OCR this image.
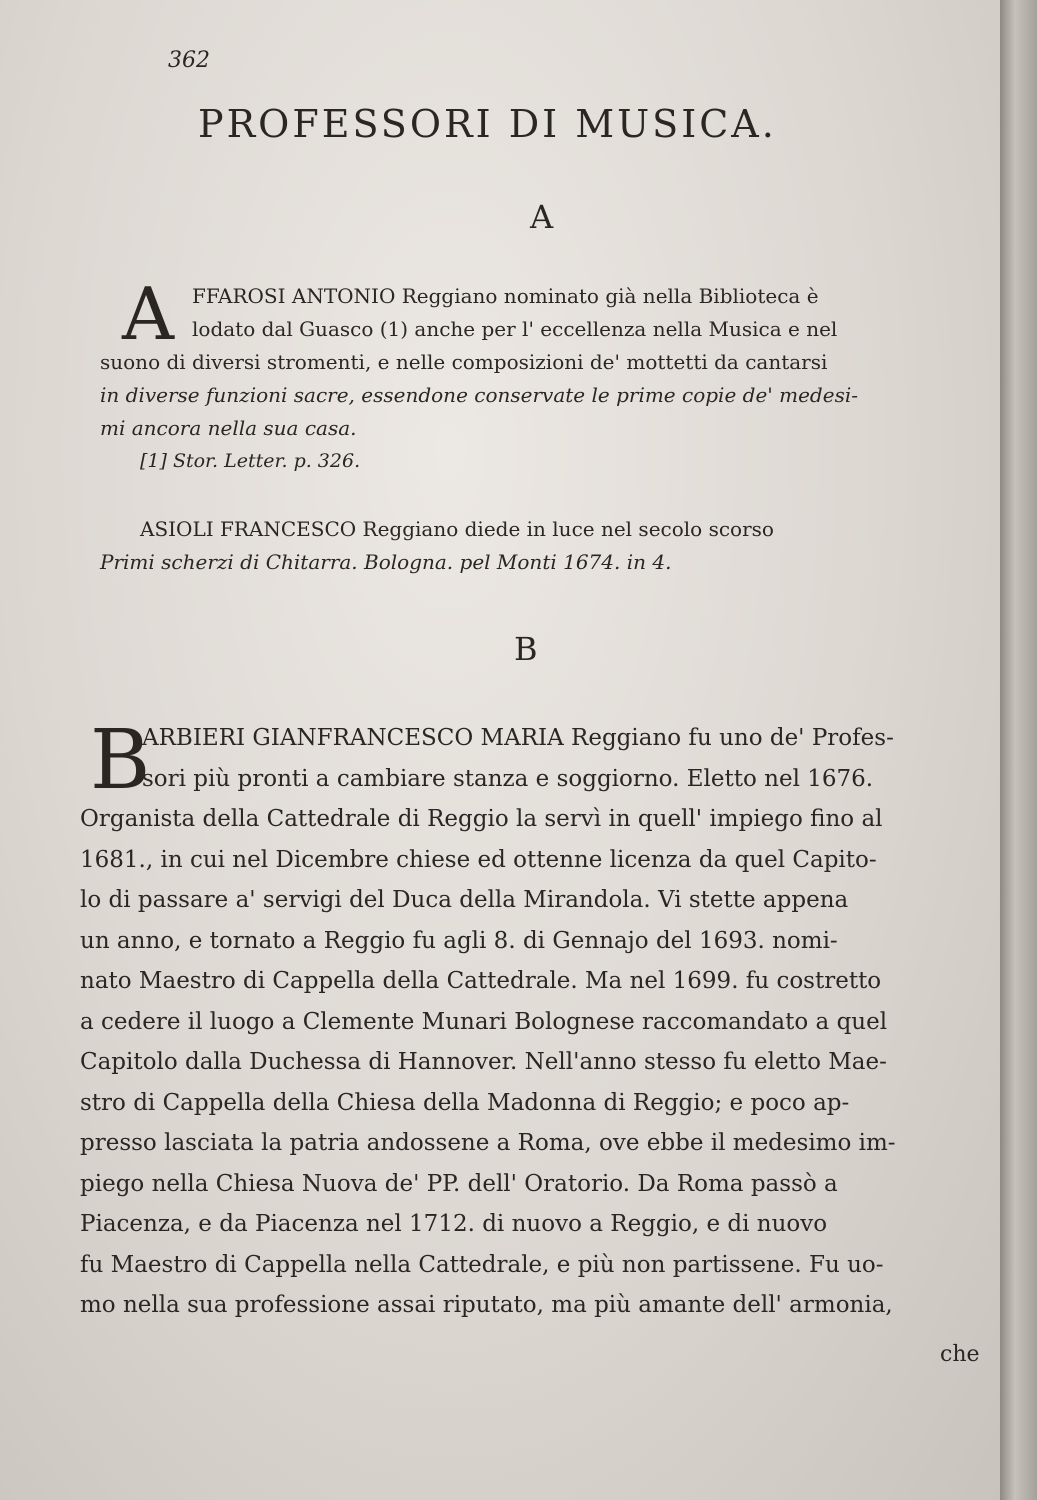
362
PROFESSORI DI MUSICA.
A
A FFAROSI ANTONIO Reggiano nominato già nella Biblioteca è
lodato dal Guasco (1) anche per l' eccellenza nella Musica e nel
suono di diversi stromenti, e nelle composizioni de' mottetti da cantarsi
in diverse funzioni sacre, essendone conservate le prime copie de' medesi-
mi ancora nella sua casa.
[1] Stor. Letter. p. 326.
ASIOLI FRANCESCO Reggiano diede in luce nel secolo scorso
Primi scherzi di Chitarra. Bologna. pel Monti 1674. in 4.
B
B
ARBIERI GIANFRANCESCO MARIA Reggiano fu uno de' Profes-
sori più pronti a cambiare stanza e soggiorno. Eletto nel 1676.
Organista della Cattedrale di Reggio la servì in quell' impiego fino al
1681., in cui nel Dicembre chiese ed ottenne licenza da quel Capito-
lo di passare a' servigi del Duca della Mirandola. Vi stette appena
un anno, e tornato a Reggio fu agli 8. di Gennajo del 1693. nomi-
nato Maestro di Cappella della Cattedrale. Ma nel 1699. fu costretto
a cedere il luogo a Clemente Munari Bolognese raccomandato a quel
Capitolo dalla Duchessa di Hannover. Nell'anno stesso fu eletto Mae-
stro di Cappella della Chiesa della Madonna di Reggio; e poco ap-
presso lasciata la patria andossene a Roma, ove ebbe il medesimo im-
piego nella Chiesa Nuova de' PP. dell' Oratorio. Da Roma passò a
Piacenza, e da Piacenza nel 1712. di nuovo a Reggio, e di nuovo
fu Maestro di Cappella nella Cattedrale, e più non partissene. Fu uo-
mo nella sua professione assai riputato, ma più amante dell' armonia,
che
